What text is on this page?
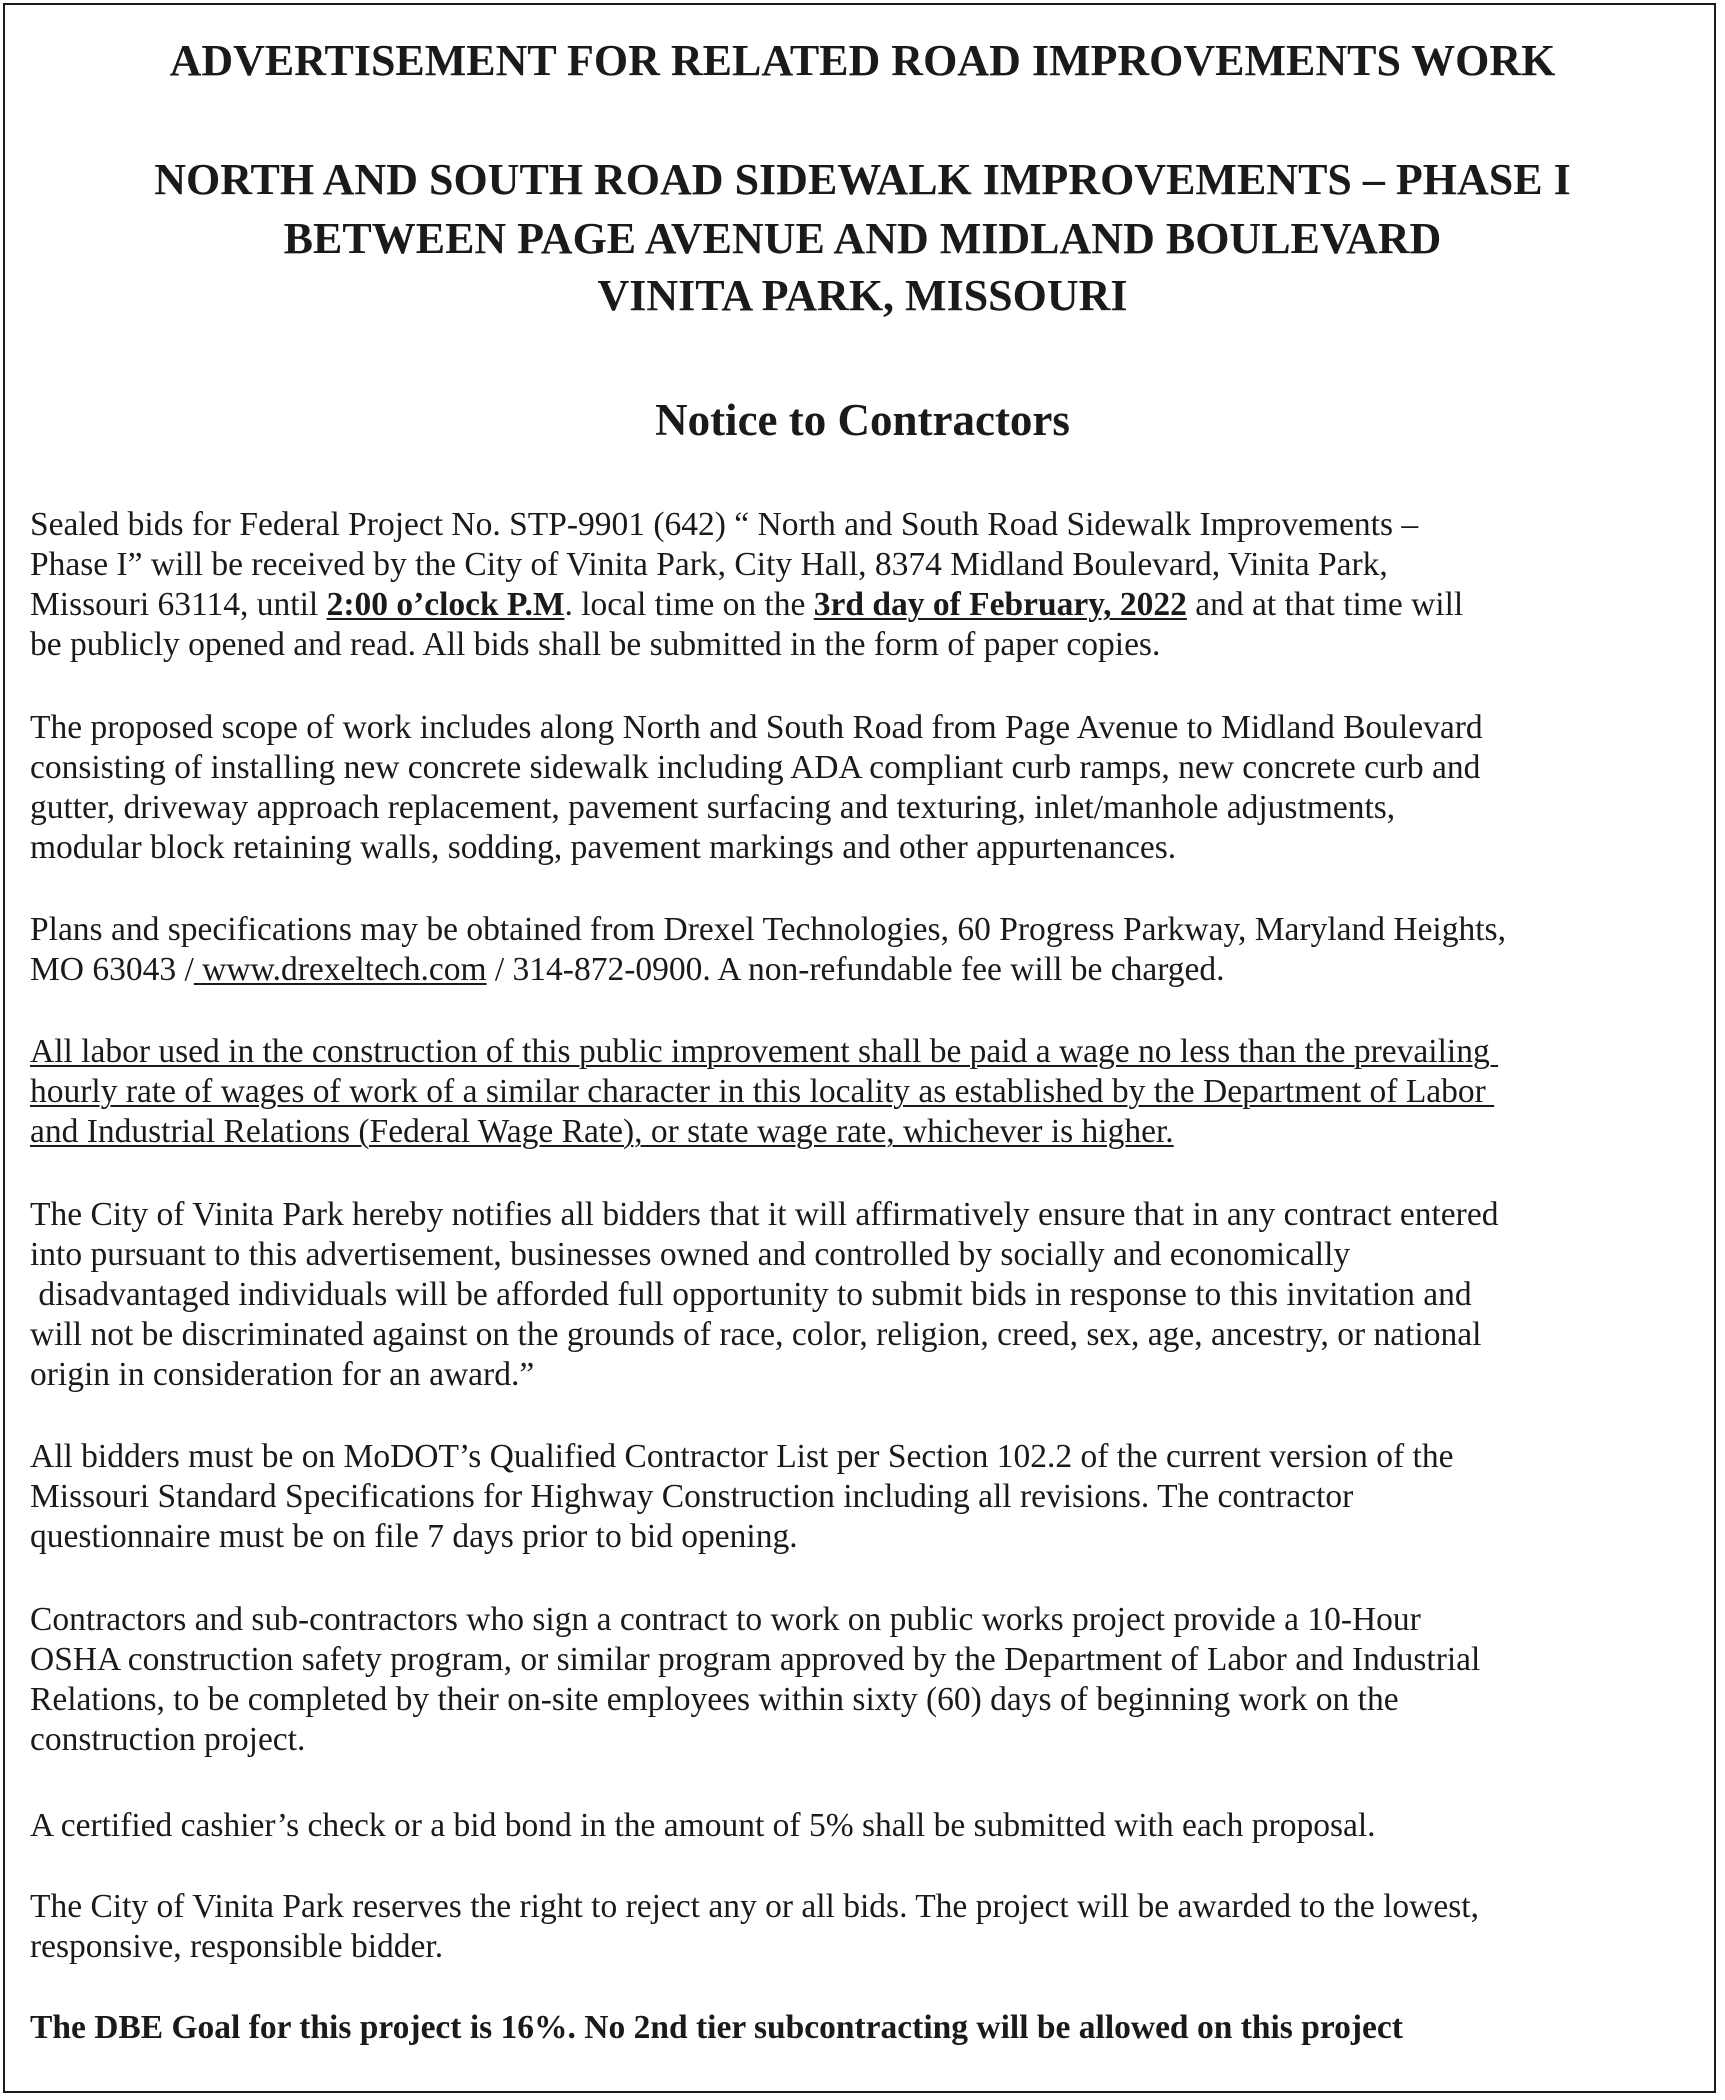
ADVERTISEMENT FOR RELATED ROAD IMPROVEMENTS WORK
NORTH AND SOUTH ROAD SIDEWALK IMPROVEMENTS – PHASE I
BETWEEN PAGE AVENUE AND MIDLAND BOULEVARD
VINITA PARK, MISSOURI
Notice to Contractors

Sealed bids for Federal Project No. STP-9901 (642) “ North and South Road Sidewalk Improvements –
Phase I” will be received by the City of Vinita Park, City Hall, 8374 Midland Boulevard, Vinita Park,
Missouri 63114, until 2:00 o’clock P.M. local time on the 3rd day of February, 2022 and at that time will
be publicly opened and read. All bids shall be submitted in the form of paper copies.

The proposed scope of work includes along North and South Road from Page Avenue to Midland Boulevard
consisting of installing new concrete sidewalk including ADA compliant curb ramps, new concrete curb and
gutter, driveway approach replacement, pavement surfacing and texturing, inlet/manhole adjustments,
modular block retaining walls, sodding, pavement markings and other appurtenances.

Plans and specifications may be obtained from Drexel Technologies, 60 Progress Parkway, Maryland Heights,
MO 63043 / www.drexeltech.com / 314-872-0900. A non-refundable fee will be charged.

All labor used in the construction of this public improvement shall be paid a wage no less than the prevailing
hourly rate of wages of work of a similar character in this locality as established by the Department of Labor
and Industrial Relations (Federal Wage Rate), or state wage rate, whichever is higher.

The City of Vinita Park hereby notifies all bidders that it will affirmatively ensure that in any contract entered
into pursuant to this advertisement, businesses owned and controlled by socially and economically
disadvantaged individuals will be afforded full opportunity to submit bids in response to this invitation and
will not be discriminated against on the grounds of race, color, religion, creed, sex, age, ancestry, or national
origin in consideration for an award.”

All bidders must be on MoDOT’s Qualified Contractor List per Section 102.2 of the current version of the
Missouri Standard Specifications for Highway Construction including all revisions. The contractor
questionnaire must be on file 7 days prior to bid opening.

Contractors and sub-contractors who sign a contract to work on public works project provide a 10-Hour
OSHA construction safety program, or similar program approved by the Department of Labor and Industrial
Relations, to be completed by their on-site employees within sixty (60) days of beginning work on the
construction project.

A certified cashier’s check or a bid bond in the amount of 5% shall be submitted with each proposal.

The City of Vinita Park reserves the right to reject any or all bids. The project will be awarded to the lowest,
responsive, responsible bidder.

The DBE Goal for this project is 16%. No 2nd tier subcontracting will be allowed on this project
